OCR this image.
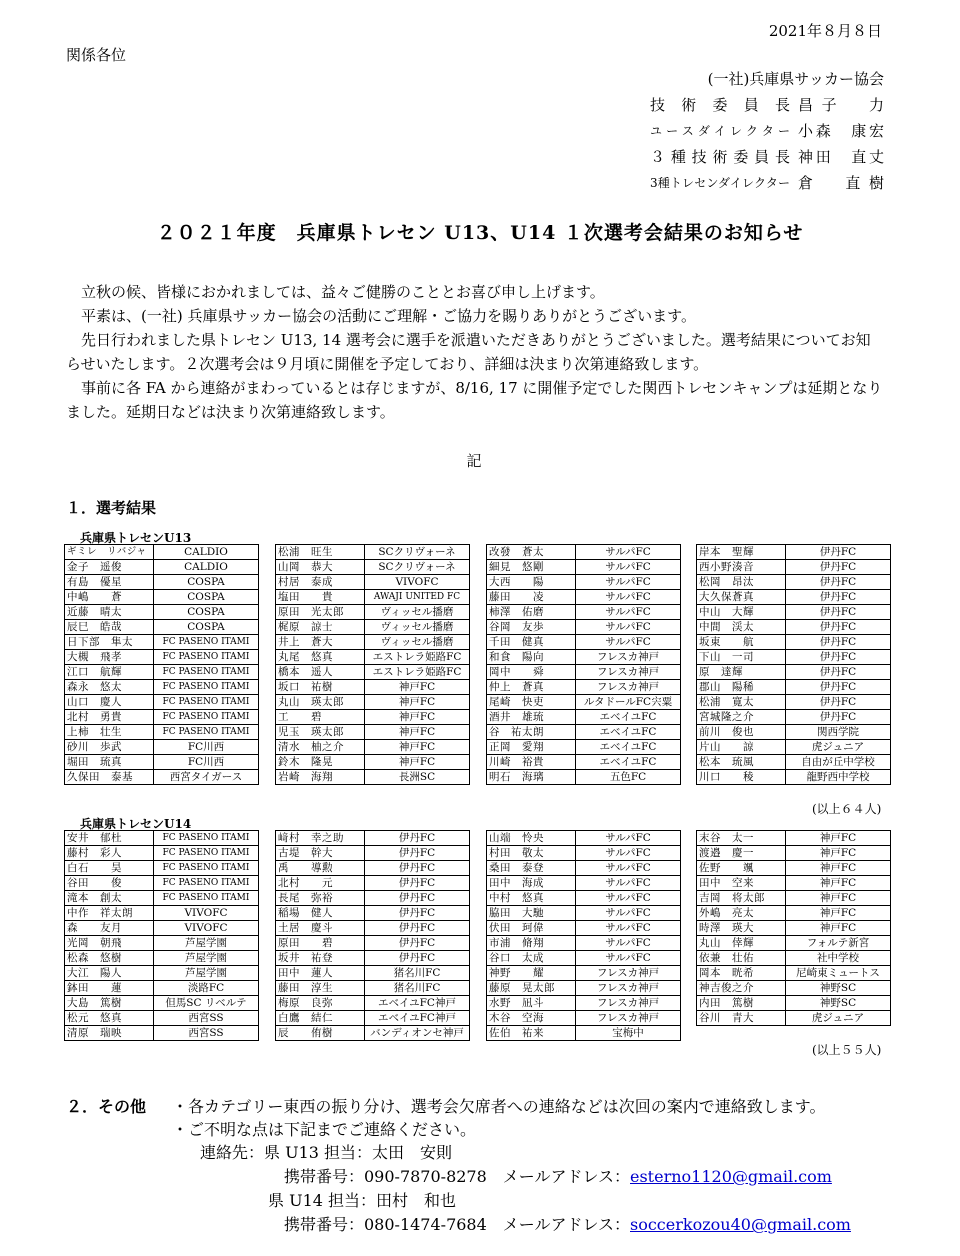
2021年８月８日
関係各位
(一社)兵庫県サッカー協会
技術委員長 昌子　力
ユースダイレクター 小森　康宏
３種技術委員長 神田　直丈
3種トレセンダイレクター 倉　直樹
２０２１年度　兵庫県トレセン U13、U14 １次選考会結果のお知らせ

立秋の候、皆様におかれましては、益々ご健勝のこととお喜び申し上げます。

平素は、(一社) 兵庫県サッカー協会の活動にご理解・ご協力を賜りありがとうございます。

先日行われました県トレセン U13, 14 選考会に選手を派遣いただきありがとうございました。選考結果についてお知らせいたします。２次選考会は９月頃に開催を予定しており、詳細は決まり次第連絡致します。

事前に各 FA から連絡がまわっているとは存じますが、8/16, 17 に開催予定でした関西トレセンキャンプは延期となりました。延期日などは決まり次第連絡致します。

記
１．選考結果
兵庫県トレセンU13
ギミレ　リバジャ	CALDIO
金子　遥俊	CALDIO
有島　優星	COSPA
中嶋　　蒼	COSPA
近藤　晴太	COSPA
辰巳　皓哉	COSPA
日下部　隼太	FC PASENO ITAMI
大槻　飛孝	FC PASENO ITAMI
江口　航輝	FC PASENO ITAMI
森永　悠太	FC PASENO ITAMI
山口　慶人	FC PASENO ITAMI
北村　勇貴	FC PASENO ITAMI
上柿　壮生	FC PASENO ITAMI
砂川　歩武	FC川西
堀田　琉真	FC川西
久保田　泰基	西宮タイガース
松浦　旺生	SCクリヴォーネ
山岡　恭大	SCクリヴォーネ
村居　泰成	VIVOFC
塩田　　貴	AWAJI UNITED FC
原田　光太郎	ヴィッセル播磨
梶原　諒士	ヴィッセル播磨
井上　蒼大	ヴィッセル播磨
丸尾　悠真	エストレラ姫路FC
橋本　遥人	エストレラ姫路FC
坂口　祐樹	神戸FC
丸山　瑛太郎	神戸FC
工　　碧	神戸FC
児玉　瑛太郎	神戸FC
清水　柚之介	神戸FC
鈴木　隆晃	神戸FC
岩崎　海翔	長洲SC
改發　蒼太	サルパFC
細見　悠剛	サルパFC
大西　　陽	サルパFC
藤田　　凌	サルパFC
柿澤　佑磨	サルパFC
谷岡　友歩	サルパFC
千田　健真	サルパFC
和食　陽向	フレスカ神戸
岡中　　舜	フレスカ神戸
仲上　蒼真	フレスカ神戸
尾崎　快吏	ルタドールFC宍粟
酒井　雄琉	エベイユFC
谷　祐太朗	エベイユFC
正岡　愛翔	エベイユFC
川崎　裕貴	エベイユFC
明石　海璃	五色FC
岸本　聖輝	伊丹FC
西小野湊音	伊丹FC
松岡　昂汰	伊丹FC
大久保蒼真	伊丹FC
中山　大輝	伊丹FC
中間　渓太	伊丹FC
坂東　　航	伊丹FC
下山　一司	伊丹FC
原　達輝	伊丹FC
郡山　陽稀	伊丹FC
松浦　寛太	伊丹FC
宮城隆之介	伊丹FC
前川　俊也	関西学院
片山　　諒	虎ジュニア
松本　琉風	自由が丘中学校
川口　　稜	龍野西中学校
(以上６４人)
兵庫県トレセンU14
安井　郁杜	FC PASENO ITAMI
藤村　彩人	FC PASENO ITAMI
白石　　昊	FC PASENO ITAMI
谷田　　俊	FC PASENO ITAMI
滝本　創太	FC PASENO ITAMI
中作　祥太朗	VIVOFC
森　　友月	VIVOFC
光岡　朝飛	芦屋学園
松森　悠樹	芦屋学園
大江　陽人	芦屋学園
鉢田　　蓮	淡路FC
大島　篤樹	但馬SC リベルテ
松元　悠真	西宮SS
清原　瑞映	西宮SS
﨑村　幸之助	伊丹FC
古堤　幹大	伊丹FC
禹　　導勲	伊丹FC
北村　　元	伊丹FC
長尾　弥裕	伊丹FC
稲場　健人	伊丹FC
土居　慶斗	伊丹FC
原田　　碧	伊丹FC
坂井　祐登	伊丹FC
田中　蓮人	猪名川FC
藤田　淳生	猪名川FC
梅原　良弥	エベイユFC神戸
白鷹　結仁	エベイユFC神戸
辰　　侑樹	バンディオンセ神戸
山端　怜央	サルパFC
村田　敬太	サルパFC
桑田　泰登	サルパFC
田中　海成	サルパFC
中村　悠真	サルパFC
脇田　大馳	サルパFC
伏田　珂偉	サルパFC
市浦　脩翔	サルパFC
谷口　太成	サルパFC
神野　　耀	フレスカ神戸
藤原　晃太郎	フレスカ神戸
水野　凪斗	フレスカ神戸
木谷　空海	フレスカ神戸
佐伯　祐来	宝梅中
末谷　太一	神戸FC
渡邉　慶一	神戸FC
佐野　　颯	神戸FC
田中　空来	神戸FC
吉岡　将太郎	神戸FC
外嶋　亮太	神戸FC
時澤　瑛大	神戸FC
丸山　倖輝	フォルテ新宮
依兼　壮佑	社中学校
岡本　晄希	尼崎東ミュートス
神吉俊之介	神野SC
内田　篤樹	神野SC
谷川　青大	虎ジュニア
(以上５５人)
２．その他 ・各カテゴリー東西の振り分け、選考会欠席者への連絡などは次回の案内で連絡致します。
・ご不明な点は下記までご連絡ください。
連絡先：県 U13 担当：太田　安則
携帯番号：090-7870-8278　メールアドレス：esterno1120@gmail.com
県 U14 担当：田村　和也
携帯番号：080-1474-7684　メールアドレス：soccerkozou40@gmail.com
